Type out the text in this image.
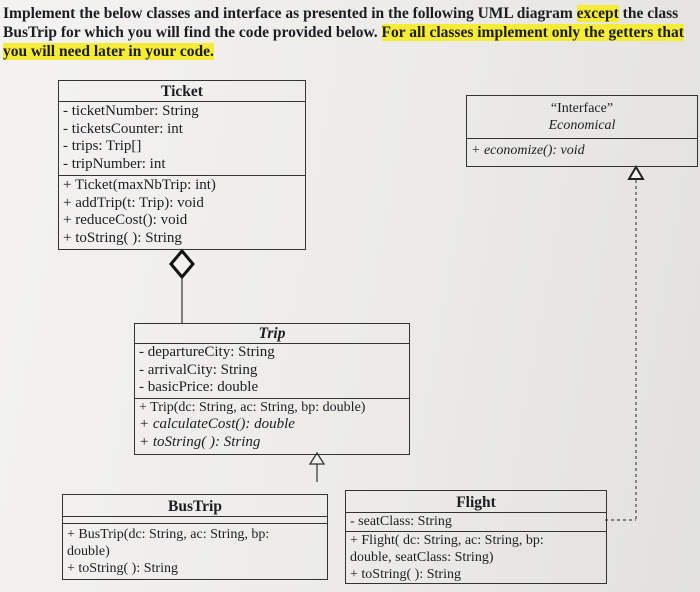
Implement the below classes and interface as presented in the following UML diagram except the class BusTrip for which you will find the code provided below. For all classes implement only the getters that you will need later in your code.
Ticket
- ticketNumber: String
- ticketsCounter: int
- trips: Trip[]
- tripNumber: int
+ Ticket(maxNbTrip: int)
+ addTrip(t: Trip): void
+ reduceCost(): void
+ toString( ): String
“Interface”
Economical
+ economize(): void
Trip
- departureCity: String
- arrivalCity: String
- basicPrice: double
+ Trip(dc: String, ac: String, bp: double)
+ calculateCost(): double
+ toString( ): String
BusTrip
+ BusTrip(dc: String, ac: String, bp:
double)
+ toString( ): String
Flight
- seatClass: String
+ Flight( dc: String, ac: String, bp:
double, seatClass: String)
+ toString( ): String
